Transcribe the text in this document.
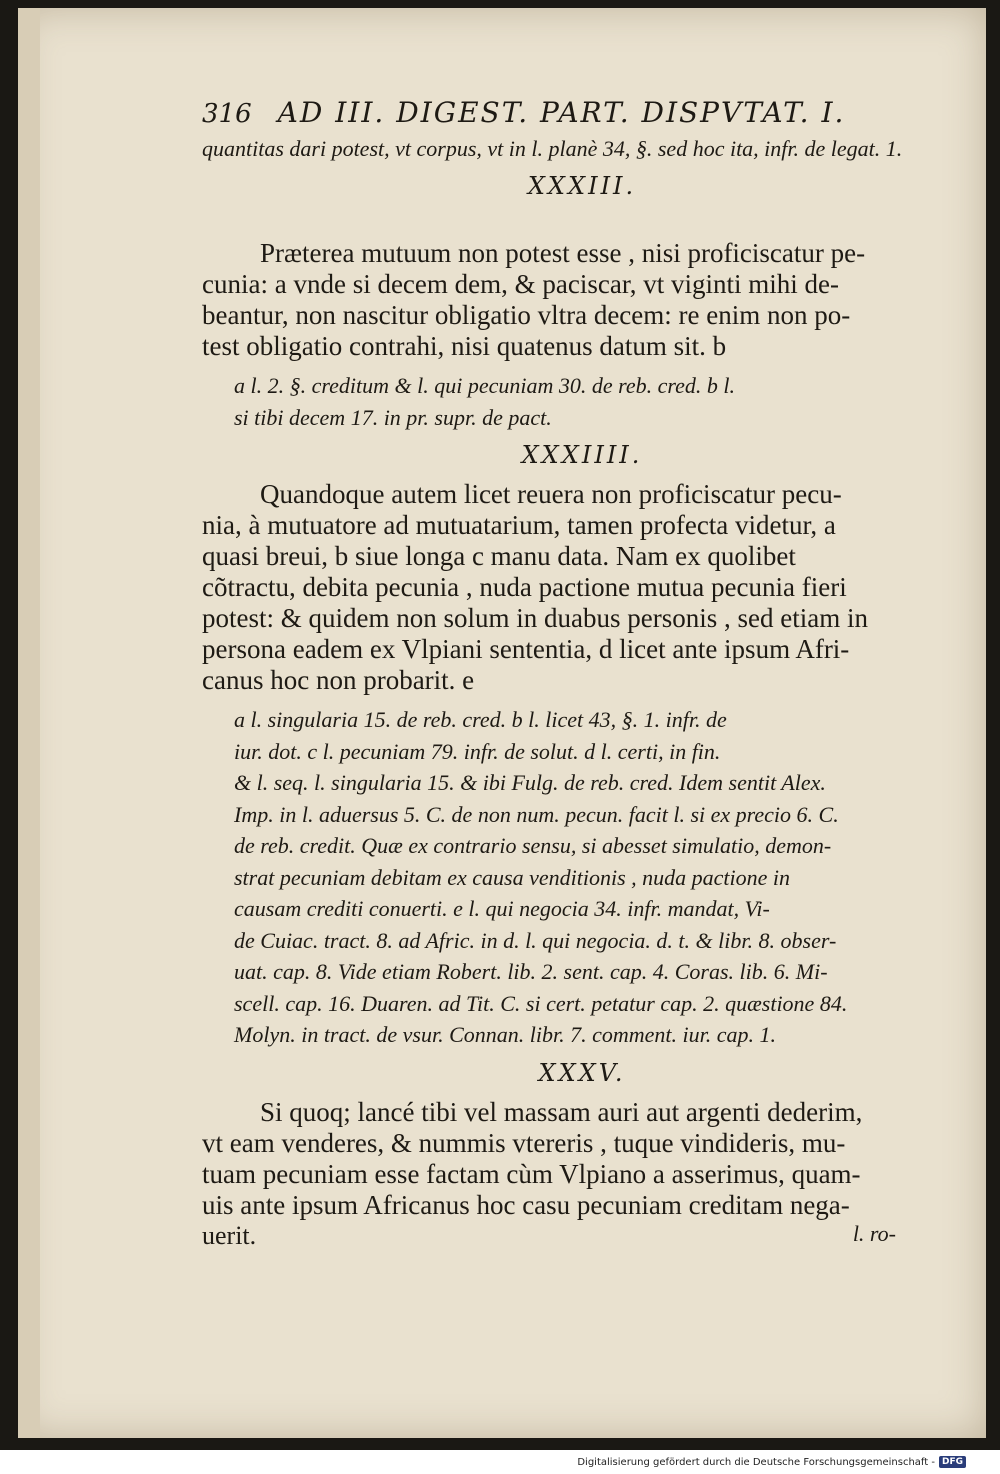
316 AD III. DIGEST. PART. DISPVTAT. I.

quantitas dari potest, vt corpus, vt in l. planè 34, §. sed hoc ita, infr. de legat. 1.

XXXIII.
Præterea mutuum non potest esse , nisi proficiscatur pe-
cunia: a vnde si decem dem, & paciscar, vt viginti mihi de-
beantur, non nascitur obligatio vltra decem: re enim non po-
test obligatio contrahi, nisi quatenus datum sit. b
a l. 2. §. creditum & l. qui pecuniam 30. de reb. cred. b l.
si tibi decem 17. in pr. supr. de pact.
XXXIIII.
Quandoque autem licet reuera non proficiscatur pecu-
nia, à mutuatore ad mutuatarium, tamen profecta videtur, a
quasi breui, b siue longa c manu data. Nam ex quolibet
cõtractu, debita pecunia , nuda pactione mutua pecunia fieri
potest: & quidem non solum in duabus personis , sed etiam in
persona eadem ex Vlpiani sententia, d licet ante ipsum Afri-
canus hoc non probarit. e
a l. singularia 15. de reb. cred. b l. licet 43, §. 1. infr. de
iur. dot. c l. pecuniam 79. infr. de solut. d l. certi, in fin.
& l. seq. l. singularia 15. & ibi Fulg. de reb. cred. Idem sentit Alex.
Imp. in l. aduersus 5. C. de non num. pecun. facit l. si ex precio 6. C.
de reb. credit. Quæ ex contrario sensu, si abesset simulatio, demon-
strat pecuniam debitam ex causa venditionis , nuda pactione in
causam crediti conuerti. e l. qui negocia 34. infr. mandat, Vi-
de Cuiac. tract. 8. ad Afric. in d. l. qui negocia. d. t. & libr. 8. obser-
uat. cap. 8. Vide etiam Robert. lib. 2. sent. cap. 4. Coras. lib. 6. Mi-
scell. cap. 16. Duaren. ad Tit. C. si cert. petatur cap. 2. quæstione 84.
Molyn. in tract. de vsur. Connan. libr. 7. comment. iur. cap. 1.
XXXV.
Si quoq; lancé tibi vel massam auri aut argenti dederim,
vt eam venderes, & nummis vtereris , tuque vindideris, mu-
tuam pecuniam esse factam cùm Vlpiano a asserimus, quam-
uis ante ipsum Africanus hoc casu pecuniam creditam nega-
uerit.	l. ro-
Digitalisierung gefördert durch die Deutsche Forschungsgemeinschaft - DFG
